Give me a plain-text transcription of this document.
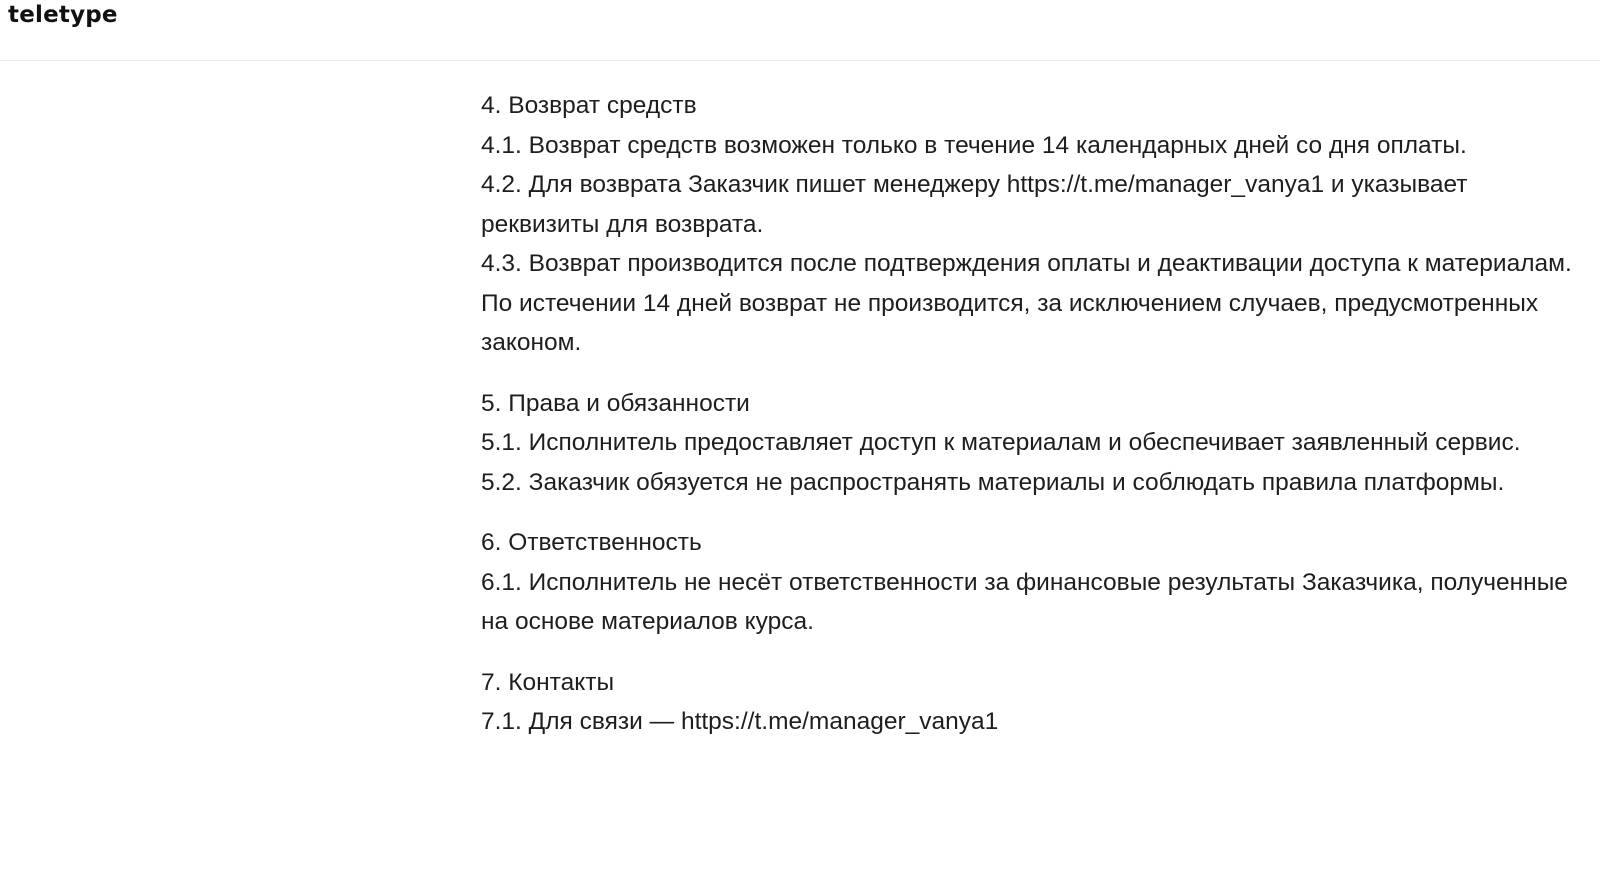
teletype

4. Возврат средств

4.1. Возврат средств возможен только в течение 14 календарных дней со дня оплаты.

4.2. Для возврата Заказчик пишет менеджеру https://t.me/manager_vanya1 и указывает реквизиты для возврата.

4.3. Возврат производится после подтверждения оплаты и деактивации доступа к материалам. По истечении 14 дней возврат не производится, за исключением случаев, предусмотренных законом.

5. Права и обязанности

5.1. Исполнитель предоставляет доступ к материалам и обеспечивает заявленный сервис.

5.2. Заказчик обязуется не распространять материалы и соблюдать правила платформы.

6. Ответственность

6.1. Исполнитель не несёт ответственности за финансовые результаты Заказчика, полученные на основе материалов курса.

7. Контакты

7.1. Для связи — https://t.me/manager_vanya1
